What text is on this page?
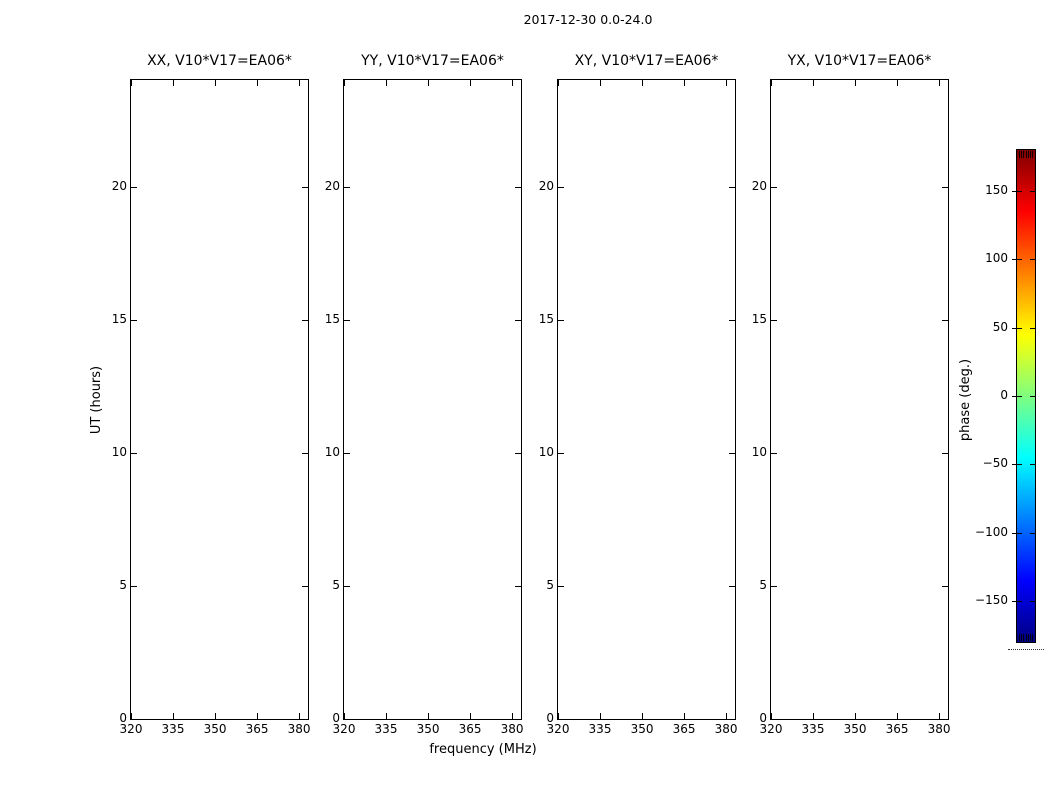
2017-12-30 0.0-24.0
XX, V10*V17=EA06*
320	335	350	365	380
0
5
10
15
20
YY, V10*V17=EA06*
320	335	350	365	380
0
5
10
15
20
XY, V10*V17=EA06*
320	335	350	365	380
0
5
10
15
20
YX, V10*V17=EA06*
320	335	350	365	380
0
5
10
15
20
frequency (MHz)
UT (hours)
150
100
50
0
−50
−100
−150
phase (deg.)
